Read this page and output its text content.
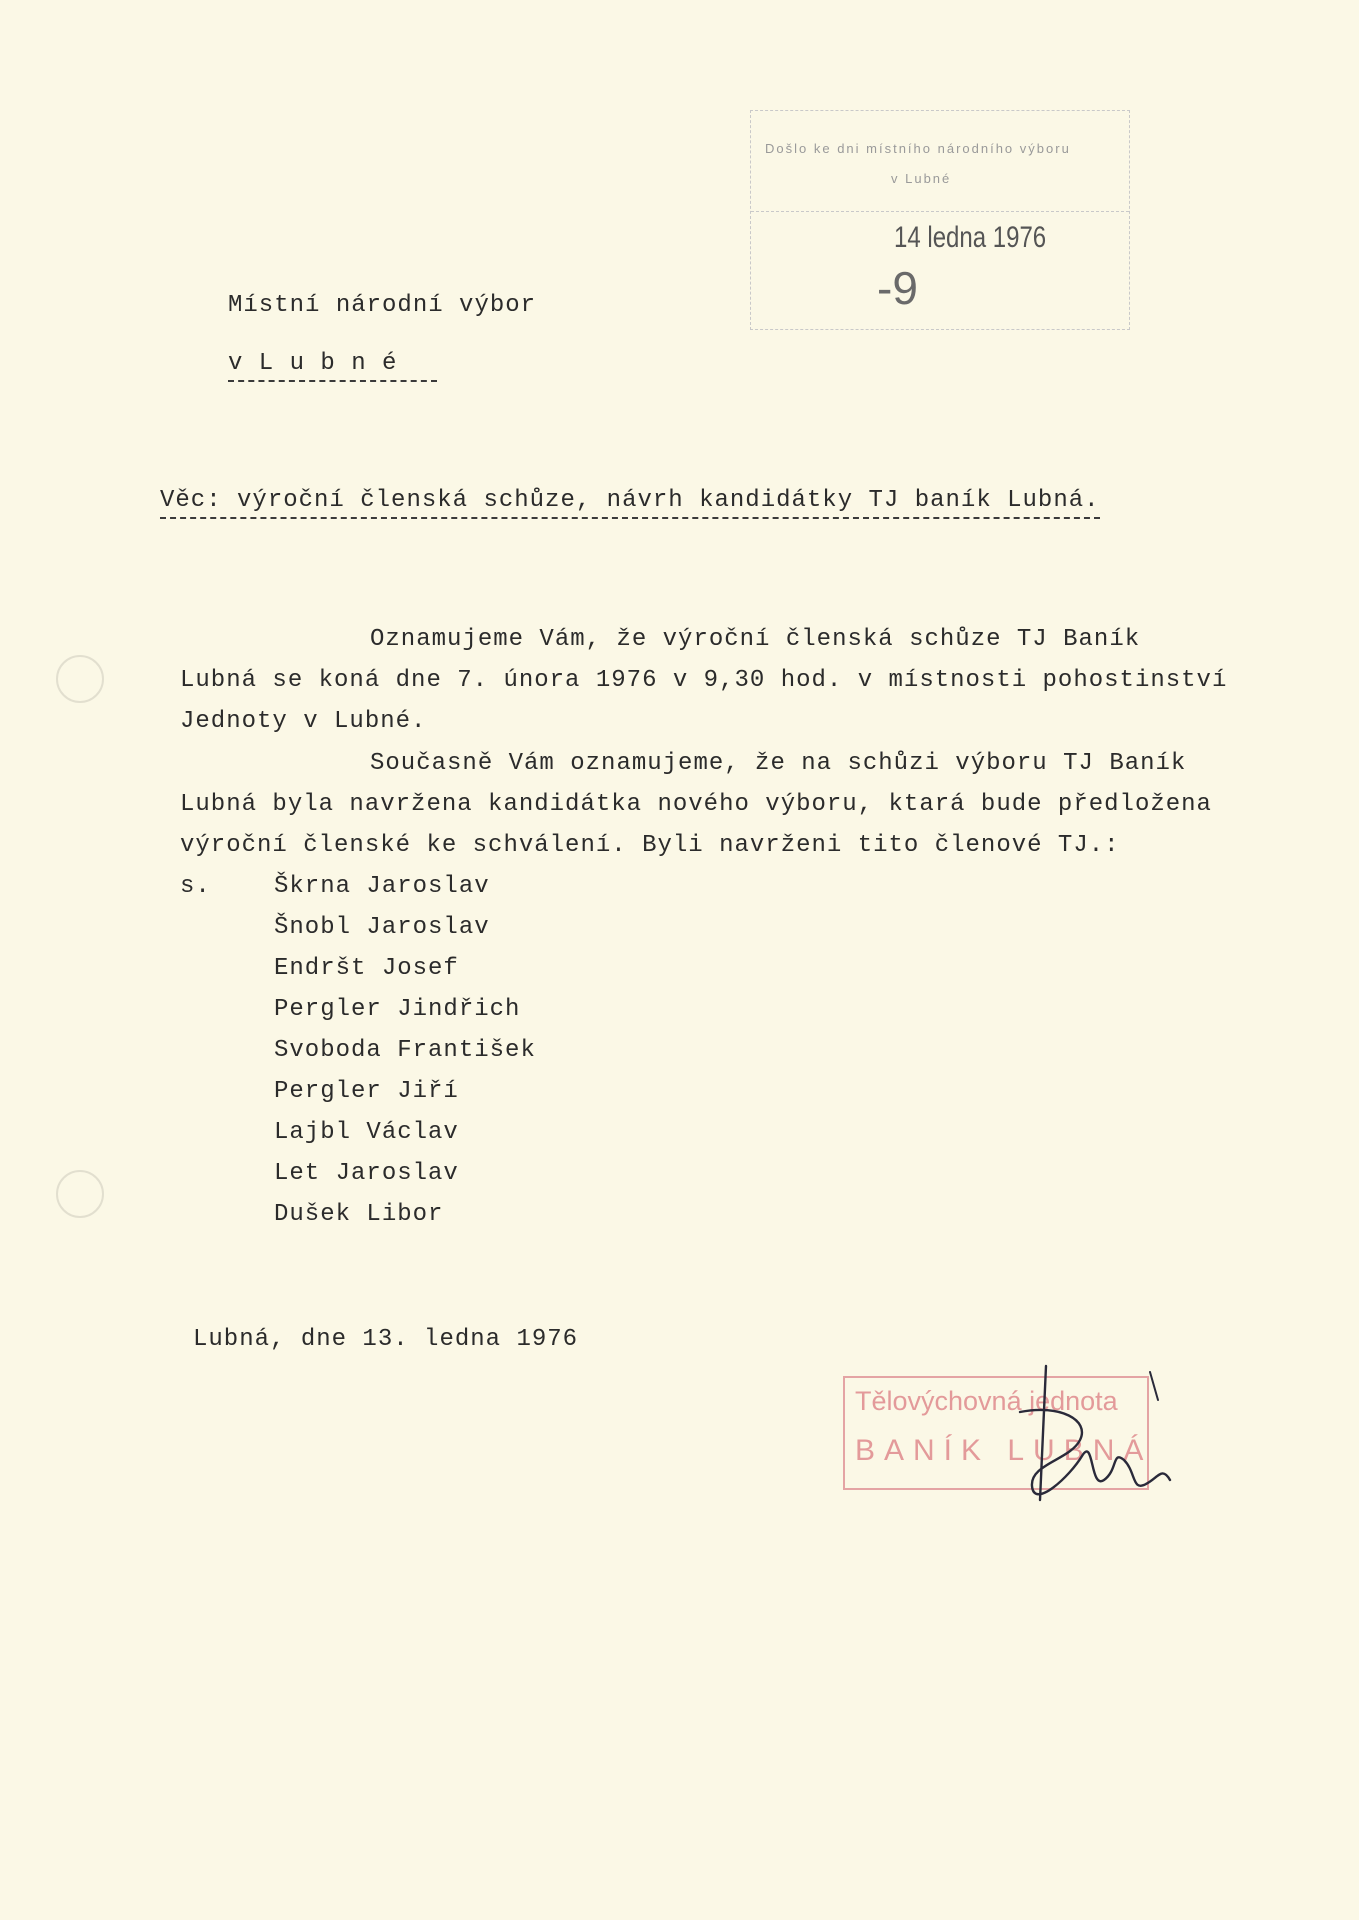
Došlo ke dni místního národního výboru
v Lubné
14 ledna 1976
-9
Místní národní výbor
v L u b n é
Věc: výroční členská schůze, návrh kandidátky TJ baník Lubná.
Oznamujeme Vám, že výroční členská schůze TJ Baník
Lubná se koná dne 7. února 1976 v 9,30 hod. v místnosti pohostinství
Jednoty v Lubné.
Současně Vám oznamujeme, že na schůzi výboru TJ Baník
Lubná byla navržena kandidátka nového výboru, ktará bude předložena
výroční členské ke schválení. Byli navrženi tito členové TJ.:
s.	Škrna Jaroslav
Šnobl Jaroslav
Endršt Josef
Pergler Jindřich
Svoboda František
Pergler Jiří
Lajbl Václav
Let Jaroslav
Dušek Libor
Lubná, dne 13. ledna 1976
Tělovýchovná jednota
BANÍK LUBNÁ
